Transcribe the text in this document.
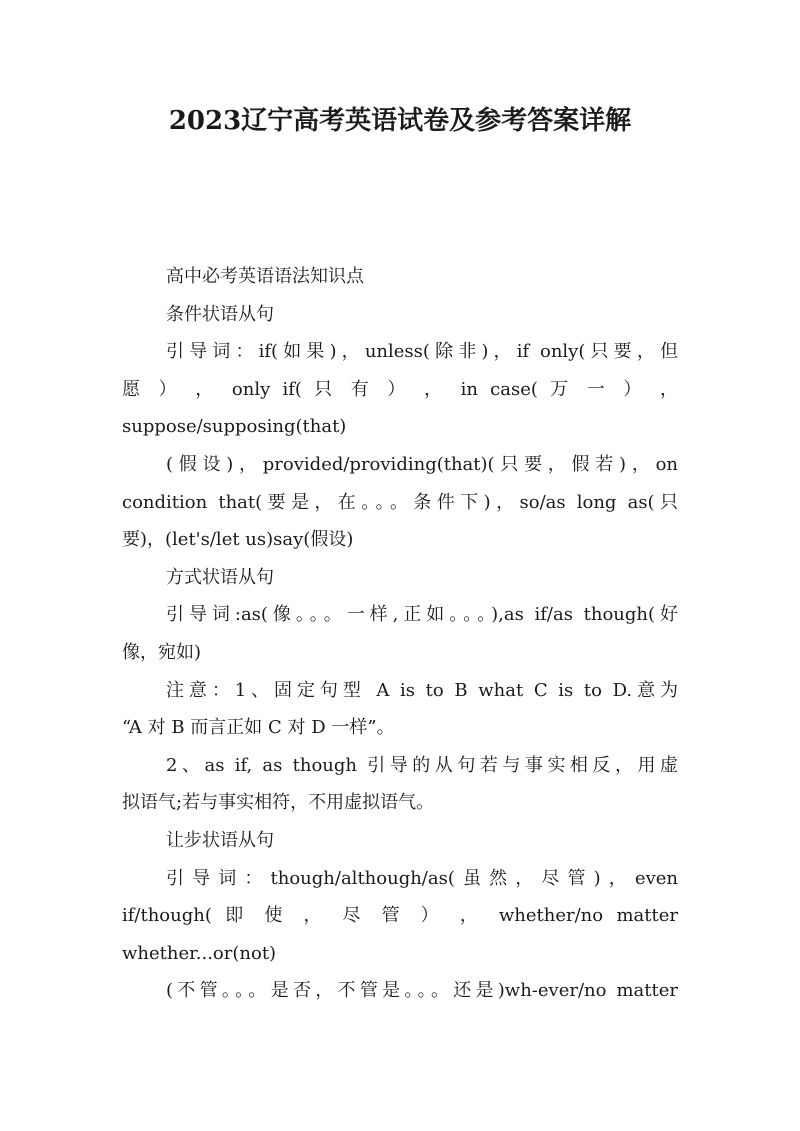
2023辽宁高考英语试卷及参考答案详解

高中必考英语语法知识点

条件状语从句

引导词：if(如果)，unless(除非)，if only(只要，但

愿 ） ， only if( 只 有 ） ， in case( 万 一 ） ，

suppose/supposing(that)

(假设)，provided/providing(that)(只要，假若)，on

condition that(要是，在。。。条件下)，so/as long as(只

要)，(let's/let us)say(假设)

方式状语从句

引导词:as(像。。。一样,正如。。。),as if/as though(好

像，宛如)

注意：1、固定句型 A is to B what C is to D.意为

“A 对 B 而言正如 C 对 D 一样”。

2、as if, as though 引导的从句若与事实相反，用虚

拟语气;若与事实相符，不用虚拟语气。

让步状语从句

引导词：though/although/as(虽然，尽管)，even

if/though( 即 使 ， 尽 管 ） ， whether/no matter

whether...or(not)

(不管。。。是否，不管是。。。还是)wh-ever/no matter
